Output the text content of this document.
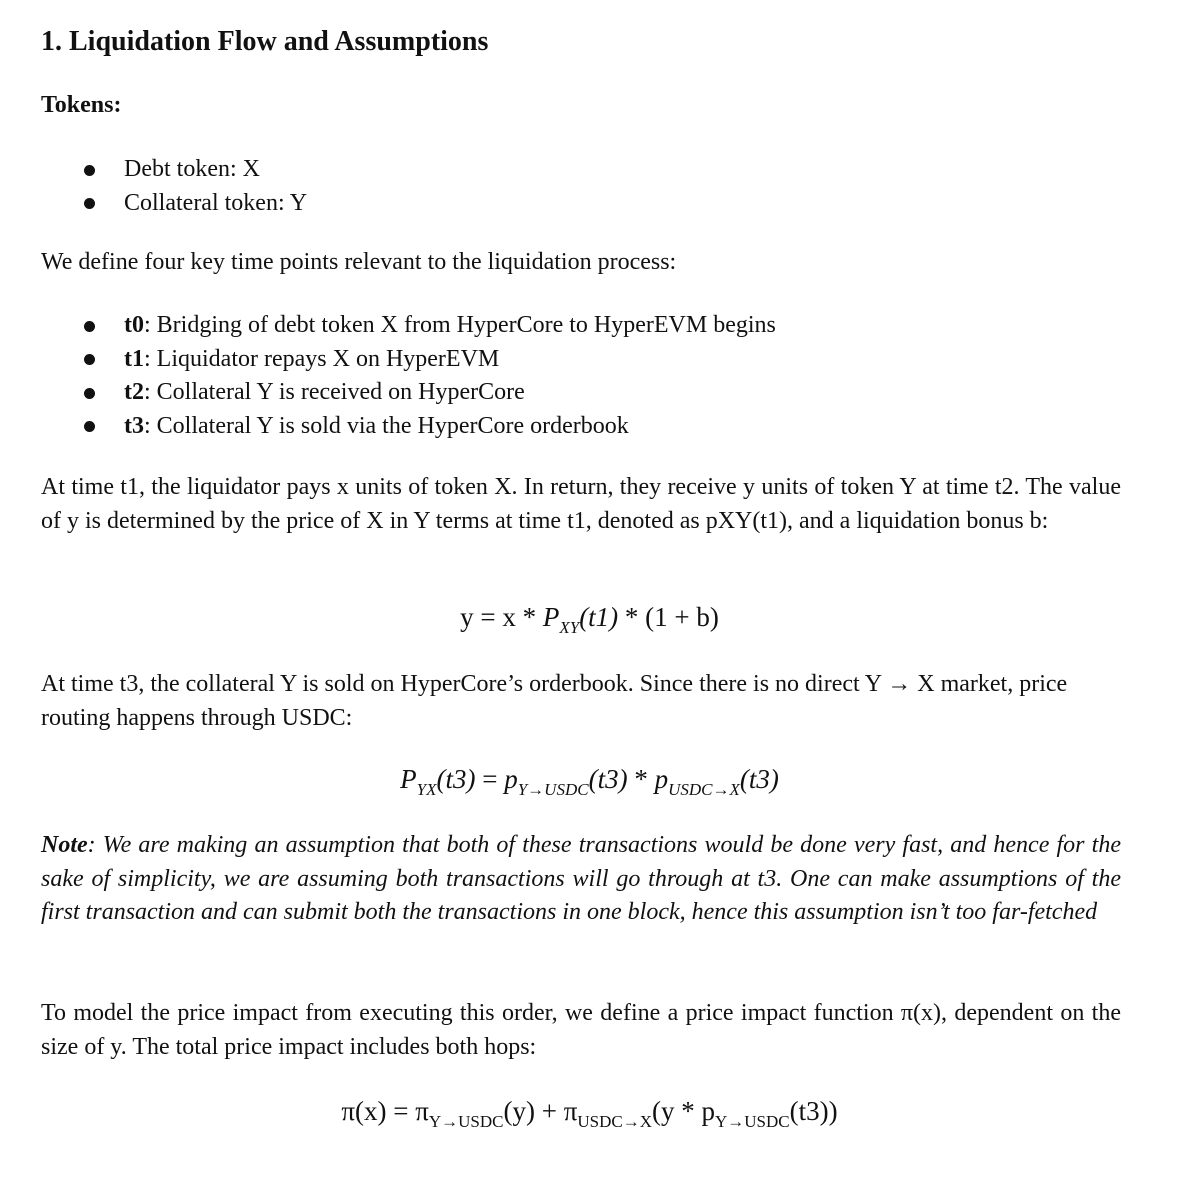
1. Liquidation Flow and Assumptions
Tokens:
Debt token: X
Collateral token: Y
We define four key time points relevant to the liquidation process:
t0: Bridging of debt token X from HyperCore to HyperEVM begins
t1: Liquidator repays X on HyperEVM
t2: Collateral Y is received on HyperCore
t3: Collateral Y is sold via the HyperCore orderbook
At time t1, the liquidator pays x units of token X. In return, they receive y units of token Y at time t2. The value of y is determined by the price of X in Y terms at time t1, denoted as pXY(t1), and a liquidation bonus b:
$y = x * P_{XY}(t1) * (1 + b)$
At time t3, the collateral Y is sold on HyperCore’s orderbook. Since there is no direct Y → X market, price routing happens through USDC:
$P_{YX}(t3) = p_{Y\to USDC}(t3) * p_{USDC\to X}(t3)$
Note: We are making an assumption that both of these transactions would be done very fast, and hence for the sake of simplicity, we are assuming both transactions will go through at t3. One can make assumptions of the first transaction and can submit both the transactions in one block, hence this assumption isn’t too far-fetched
To model the price impact from executing this order, we define a price impact function π(x), dependent on the size of y. The total price impact includes both hops:
$\pi(x) = \pi_{Y\to USDC}(y) + \pi_{USDC\to X}(y * p_{Y\to USDC}(t3))$
